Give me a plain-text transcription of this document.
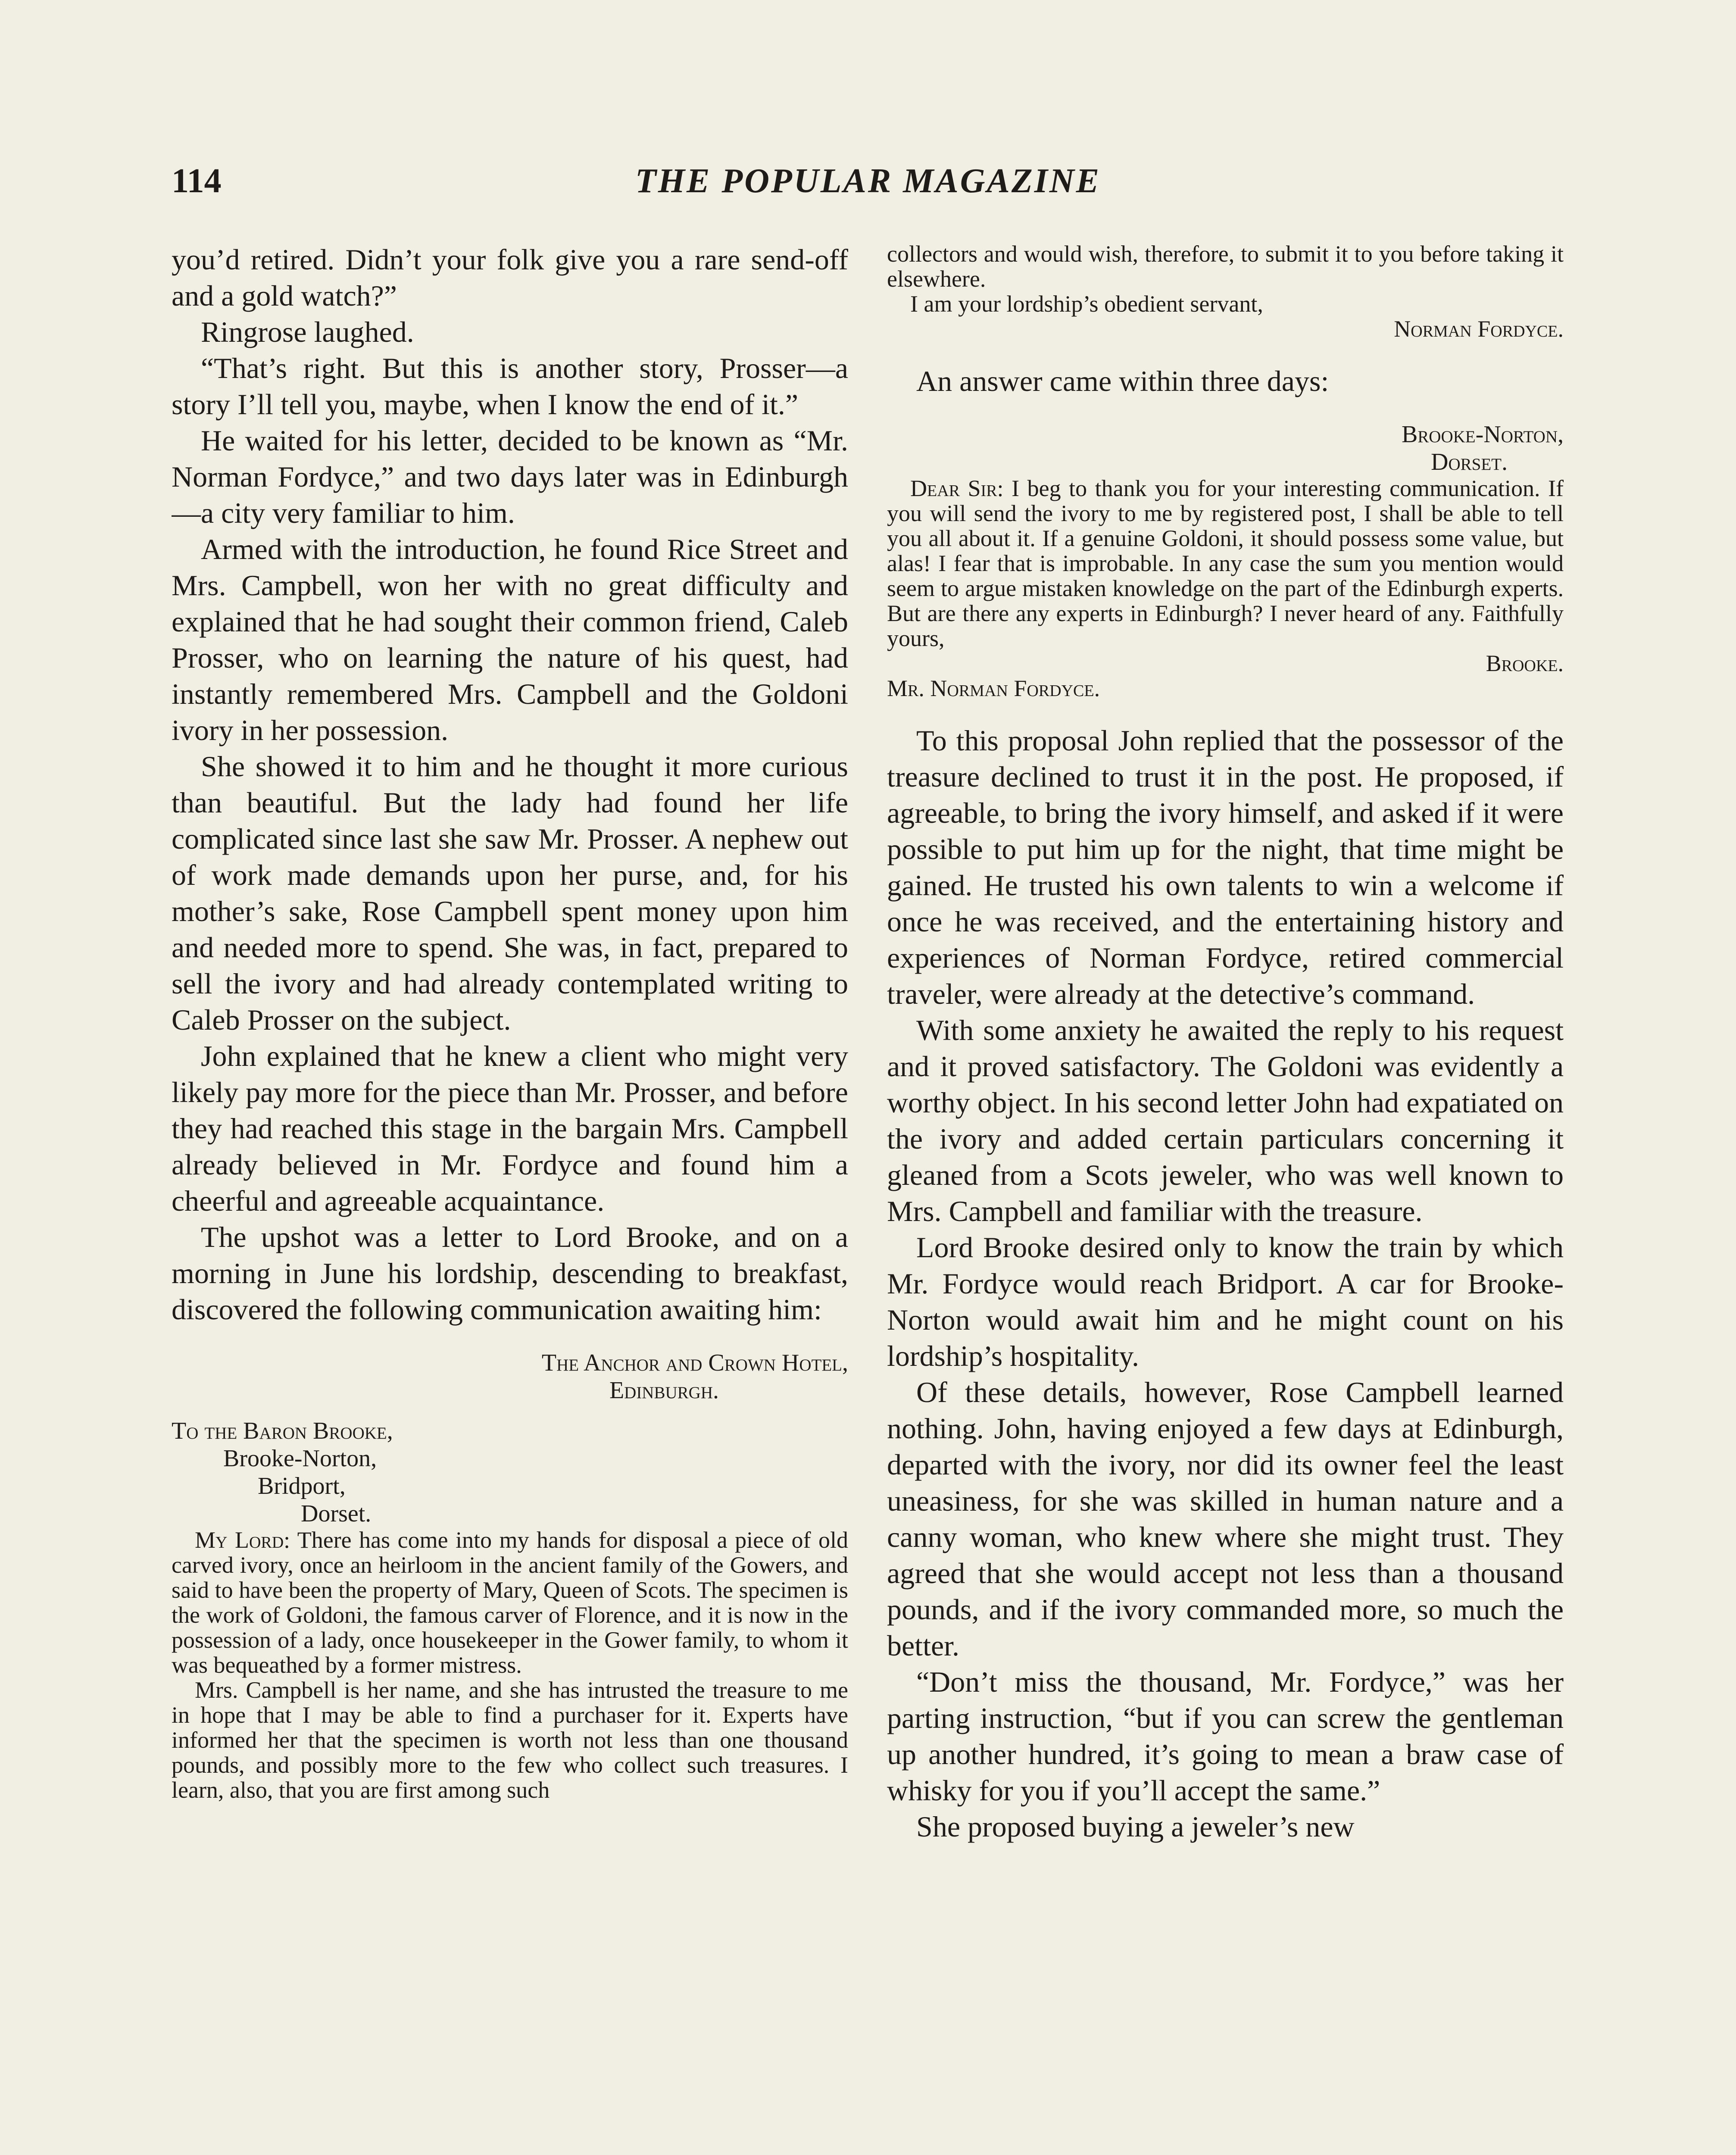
114	THE POPULAR MAGAZINE

you’d retired. Didn’t your folk give you a rare send-off and a gold watch?”

Ringrose laughed.

“That’s right. But this is another story, Prosser—a story I’ll tell you, maybe, when I know the end of it.”

He waited for his letter, decided to be known as “Mr. Norman Fordyce,” and two days later was in Edinburgh—a city very familiar to him.

Armed with the introduction, he found Rice Street and Mrs. Campbell, won her with no great difficulty and explained that he had sought their common friend, Caleb Prosser, who on learning the nature of his quest, had instantly remembered Mrs. Campbell and the Goldoni ivory in her possession.

She showed it to him and he thought it more curious than beautiful. But the lady had found her life complicated since last she saw Mr. Prosser. A nephew out of work made demands upon her purse, and, for his mother’s sake, Rose Campbell spent money upon him and needed more to spend. She was, in fact, prepared to sell the ivory and had already contemplated writing to Caleb Prosser on the subject.

John explained that he knew a client who might very likely pay more for the piece than Mr. Prosser, and before they had reached this stage in the bargain Mrs. Campbell already believed in Mr. Fordyce and found him a cheerful and agreeable acquaintance.

The upshot was a letter to Lord Brooke, and on a morning in June his lordship, descending to breakfast, discovered the following communication awaiting him:

The Anchor and Crown Hotel,
Edinburgh.
To the Baron Brooke,
Brooke-Norton,
Bridport,
Dorset.

My Lord: There has come into my hands for disposal a piece of old carved ivory, once an heirloom in the ancient family of the Gowers, and said to have been the property of Mary, Queen of Scots. The specimen is the work of Goldoni, the famous carver of Florence, and it is now in the possession of a lady, once housekeeper in the Gower family, to whom it was bequeathed by a former mistress.

Mrs. Campbell is her name, and she has intrusted the treasure to me in hope that I may be able to find a purchaser for it. Experts have informed her that the specimen is worth not less than one thousand pounds, and possibly more to the few who collect such treasures. I learn, also, that you are first among such

collectors and would wish, therefore, to submit it to you before taking it elsewhere.

I am your lordship’s obedient servant,

Norman Fordyce.

An answer came within three days:

Brooke-Norton,
Dorset.

Dear Sir: I beg to thank you for your interesting communication. If you will send the ivory to me by registered post, I shall be able to tell you all about it. If a genuine Goldoni, it should possess some value, but alas! I fear that is improbable. In any case the sum you mention would seem to argue mistaken knowledge on the part of the Edinburgh experts. But are there any experts in Edinburgh? I never heard of any. Faithfully yours,

Brooke.
Mr. Norman Fordyce.

To this proposal John replied that the possessor of the treasure declined to trust it in the post. He proposed, if agreeable, to bring the ivory himself, and asked if it were possible to put him up for the night, that time might be gained. He trusted his own talents to win a welcome if once he was received, and the entertaining history and experiences of Norman Fordyce, retired commercial traveler, were already at the detective’s command.

With some anxiety he awaited the reply to his request and it proved satisfactory. The Goldoni was evidently a worthy object. In his second letter John had expatiated on the ivory and added certain particulars concerning it gleaned from a Scots jeweler, who was well known to Mrs. Campbell and familiar with the treasure.

Lord Brooke desired only to know the train by which Mr. Fordyce would reach Bridport. A car for Brooke-Norton would await him and he might count on his lordship’s hospitality.

Of these details, however, Rose Campbell learned nothing. John, having enjoyed a few days at Edinburgh, departed with the ivory, nor did its owner feel the least uneasiness, for she was skilled in human nature and a canny woman, who knew where she might trust. They agreed that she would accept not less than a thousand pounds, and if the ivory commanded more, so much the better.

“Don’t miss the thousand, Mr. Fordyce,” was her parting instruction, “but if you can screw the gentleman up another hundred, it’s going to mean a braw case of whisky for you if you’ll accept the same.”

She proposed buying a jeweler’s new
